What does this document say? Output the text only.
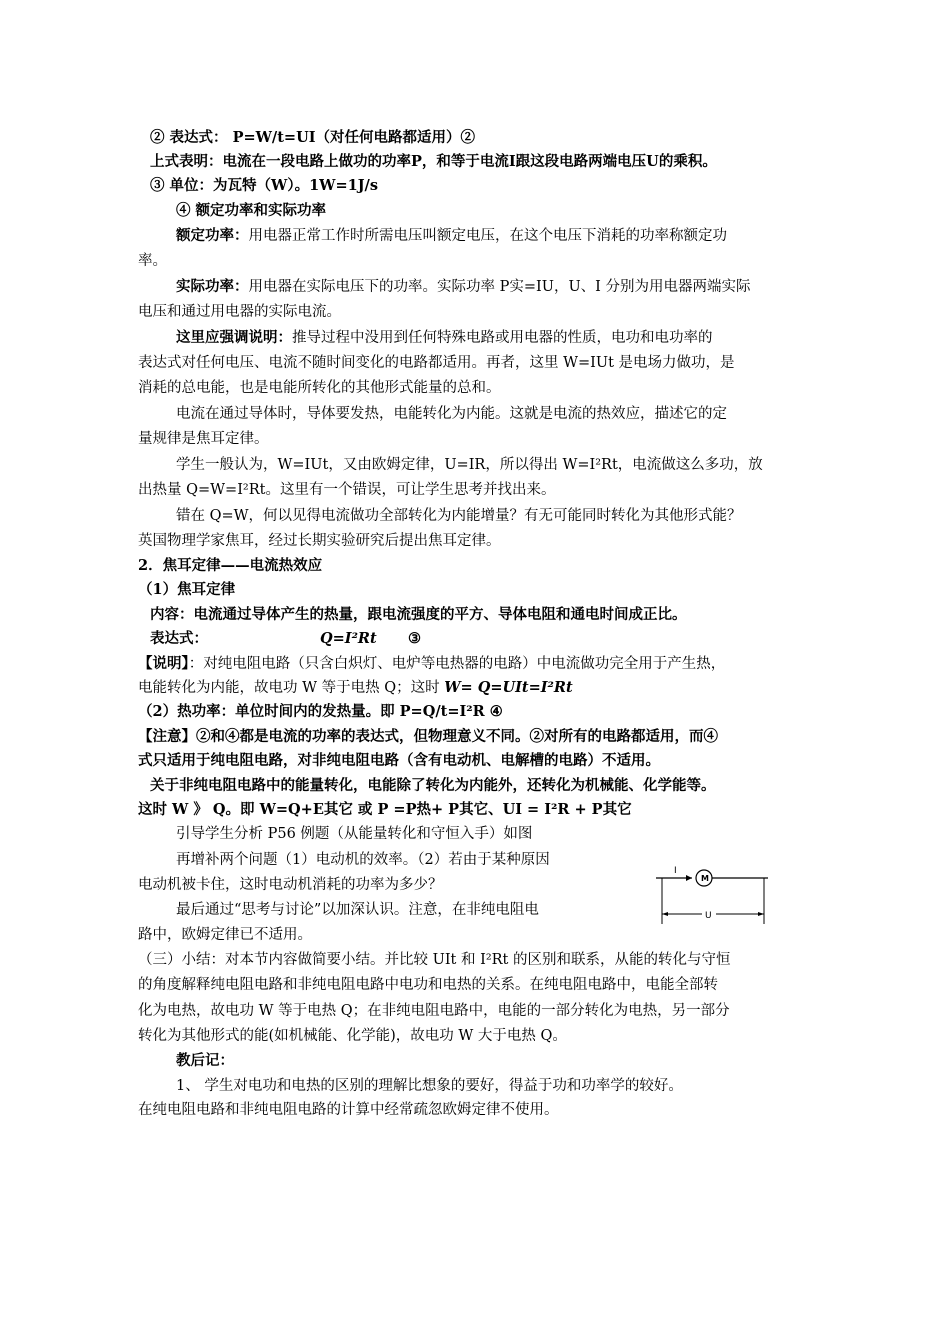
② 表达式： P=W/t=UI（对任何电路都适用）②
上式表明：电流在一段电路上做功的功率P，和等于电流I跟这段电路两端电压U的乘积。
③ 单位：为瓦特（W）。1W=1J/s
④ 额定功率和实际功率
额定功率：用电器正常工作时所需电压叫额定电压，在这个电压下消耗的功率称额定功
率。
实际功率：用电器在实际电压下的功率。实际功率 P实=IU，U、I 分别为用电器两端实际
电压和通过用电器的实际电流。
这里应强调说明：推导过程中没用到任何特殊电路或用电器的性质，电功和电功率的
表达式对任何电压、电流不随时间变化的电路都适用。再者，这里 W=IUt 是电场力做功，是
消耗的总电能，也是电能所转化的其他形式能量的总和。
电流在通过导体时，导体要发热，电能转化为内能。这就是电流的热效应，描述它的定
量规律是焦耳定律。
学生一般认为，W=IUt，又由欧姆定律，U=IR，所以得出 W=I²Rt，电流做这么多功，放
出热量 Q=W=I²Rt。这里有一个错误，可让学生思考并找出来。
错在 Q=W，何以见得电流做功全部转化为内能增量？有无可能同时转化为其他形式能？
英国物理学家焦耳，经过长期实验研究后提出焦耳定律。
2．焦耳定律——电流热效应
（1）焦耳定律
内容：电流通过导体产生的热量，跟电流强度的平方、导体电阻和通电时间成正比。
表达式：	Q=I²Rt ③
【说明】：对纯电阻电路（只含白炽灯、电炉等电热器的电路）中电流做功完全用于产生热，
电能转化为内能，故电功 W 等于电热 Q；这时 W= Q=UIt=I²Rt
（2）热功率：单位时间内的发热量。即 P=Q/t=I²R ④
【注意】②和④都是电流的功率的表达式，但物理意义不同。②对所有的电路都适用，而④
式只适用于纯电阻电路，对非纯电阻电路（含有电动机、电解槽的电路）不适用。
关于非纯电阻电路中的能量转化，电能除了转化为内能外，还转化为机械能、化学能等。
这时 W 》 Q。即 W=Q+E其它 或 P =P热+ P其它、UI = I²R + P其它
引导学生分析 P56 例题（从能量转化和守恒入手）如图
再增补两个问题（1）电动机的效率。（2）若由于某种原因
电动机被卡住，这时电动机消耗的功率为多少？
最后通过“思考与讨论”以加深认识。注意，在非纯电阻电
路中，欧姆定律已不适用。
I
M
U
（三）小结：对本节内容做简要小结。并比较 UIt 和 I²Rt 的区别和联系，从能的转化与守恒
的角度解释纯电阻电路和非纯电阻电路中电功和电热的关系。在纯电阻电路中，电能全部转
化为电热，故电功 W 等于电热 Q；在非纯电阻电路中，电能的一部分转化为电热，另一部分
转化为其他形式的能(如机械能、化学能)，故电功 W 大于电热 Q。
教后记：
1、 学生对电功和电热的区别的理解比想象的要好，得益于功和功率学的较好。
在纯电阻电路和非纯电阻电路的计算中经常疏忽欧姆定律不使用。
